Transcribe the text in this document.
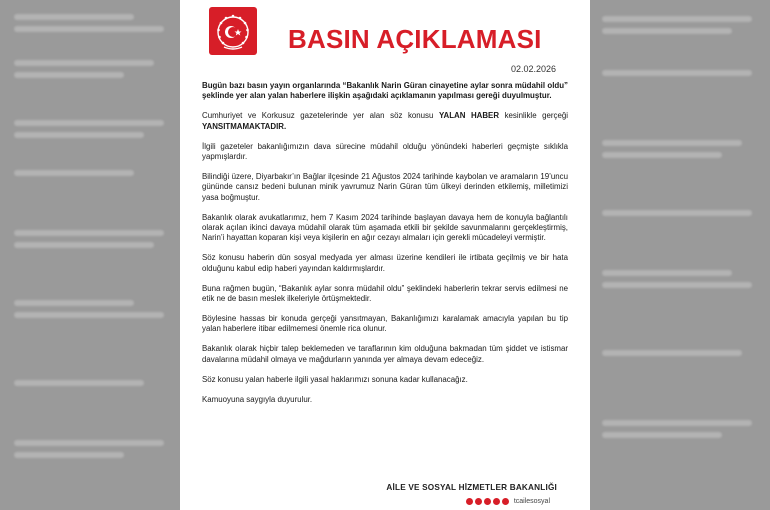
BASIN AÇIKLAMASI
02.02.2026

Bugün bazı basın yayın organlarında “Bakanlık Narin Güran cinayetine aylar sonra müdahil oldu” şeklinde yer alan yalan haberlere ilişkin aşağıdaki açıklamanın yapılması gereği duyulmuştur.

Cumhuriyet ve Korkusuz gazetelerinde yer alan söz konusu YALAN HABER kesinlikle gerçeği YANSITMAMAKTADIR.

İlgili gazeteler bakanlığımızın dava sürecine müdahil olduğu yönündeki haberleri geçmişte sıklıkla yapmışlardır.

Bilindiği üzere, Diyarbakır’ın Bağlar ilçesinde 21 Ağustos 2024 tarihinde kaybolan ve aramaların 19’uncu gününde cansız bedeni bulunan minik yavrumuz Narin Güran tüm ülkeyi derinden etkilemiş, milletimizi yasa boğmuştur.

Bakanlık olarak avukatlarımız, hem 7 Kasım 2024 tarihinde başlayan davaya hem de konuyla bağlantılı olarak açılan ikinci davaya müdahil olarak tüm aşamada etkili bir şekilde savunmalarını gerçekleştirmiş, Narin’i hayattan koparan kişi veya kişilerin en ağır cezayı almaları için gerekli mücadeleyi vermiştir.

Söz konusu haberin dün sosyal medyada yer alması üzerine kendileri ile irtibata geçilmiş ve bir hata olduğunu kabul edip haberi yayından kaldırmışlardır.

Buna rağmen bugün, “Bakanlık aylar sonra müdahil oldu” şeklindeki haberlerin tekrar servis edilmesi ne etik ne de basın meslek ilkeleriyle örtüşmektedir.

Böylesine hassas bir konuda gerçeği yansıtmayan, Bakanlığımızı karalamak amacıyla yapılan bu tip yalan haberlere itibar edilmemesi önemle rica olunur.

Bakanlık olarak hiçbir talep beklemeden ve taraflarının kim olduğuna bakmadan tüm şiddet ve istismar davalarına müdahil olmaya ve mağdurların yanında yer almaya devam edeceğiz.

Söz konusu yalan haberle ilgili yasal haklarımızı sonuna kadar kullanacağız.

Kamuoyuna saygıyla duyurulur.

AİLE VE SOSYAL HİZMETLER BAKANLIĞI
tcailesosyal
